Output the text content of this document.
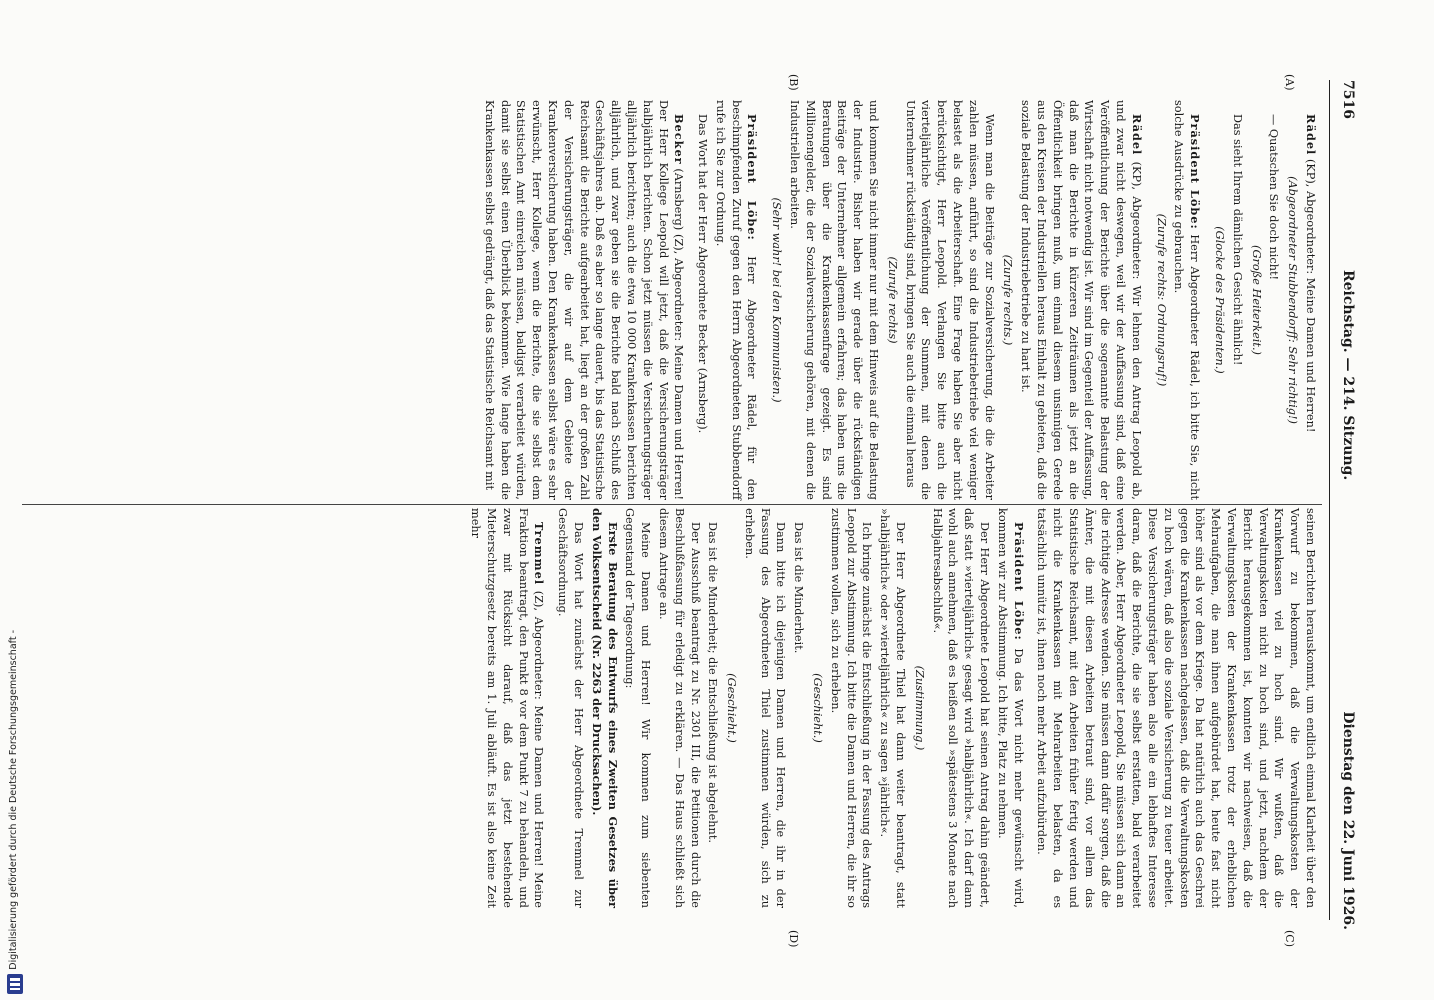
7516
Reichstag. — 214. Sitzung.
Dienstag den 22. Juni 1926.
(A)
(B)
(C)
(D)

Rädel (KP), Abgeordneter: Meine Damen und Herren!

(Abgeordneter Stubbendorff: Sehr richtig!)

— Quatschen Sie doch nicht!

(Große Heiterkeit.)

Das sieht Ihrem dämlichen Gesicht ähnlich!

(Glocke des Präsidenten.)

Präsident Löbe: Herr Abgeordneter Rädel, ich bitte Sie, nicht solche Ausdrücke zu gebrauchen.

(Zurufe rechts: Ordnungsruf!)

Rädel (KP), Abgeordneter: Wir lehnen den Antrag Leopold ab, und zwar nicht deswegen, weil wir der Auffassung sind, daß eine Veröffentlichung der Berichte über die sogenannte Belastung der Wirtschaft nicht notwendig ist. Wir sind im Gegenteil der Auffassung, daß man die Berichte in kürzeren Zeiträumen als jetzt an die Öffentlichkeit bringen muß, um einmal diesem unsinnigen Gerede aus den Kreisen der Industriellen heraus Einhalt zu gebieten, daß die soziale Belastung der Industriebetriebe zu hart ist.

(Zurufe rechts.)

Wenn man die Beiträge zur Sozialversicherung, die die Arbeiter zahlen müssen, anführt, so sind die Industriebetriebe viel weniger belastet als die Arbeiterschaft. Eine Frage haben Sie aber nicht berücksichtigt, Herr Leopold. Verlangen Sie bitte auch die vierteljährliche Veröffentlichung der Summen, mit denen die Unternehmer rückständig sind, bringen Sie auch die einmal heraus

(Zurufe rechts)

und kommen Sie nicht immer nur mit dem Hinweis auf die Belastung der Industrie. Bisher haben wir gerade über die rückständigen Beiträge der Unternehmer allgemein erfahren; das haben uns die Beratungen über die Krankenkassenfrage gezeigt. Es sind Millionengelder, die der Sozialversicherung gehören, mit denen die Industriellen arbeiten.

(Sehr wahr! bei den Kommunisten.)

Präsident Löbe: Herr Abgeordneter Rädel, für den beschimpfenden Zuruf gegen den Herrn Abgeordneten Stubbendorff rufe ich Sie zur Ordnung.

Das Wort hat der Herr Abgeordnete Becker (Arnsberg).

Becker (Arnsberg) (Z), Abgeordneter: Meine Damen und Herren! Der Herr Kollege Leopold will jetzt, daß die Versicherungsträger halbjährlich berichten. Schon jetzt müssen die Versicherungsträger alljährlich berichten; auch die etwa 10 000 Krankenkassen berichten alljährlich, und zwar geben sie die Berichte bald nach Schluß des Geschäftsjahres ab. Daß es aber so lange dauert, bis das Statistische Reichsamt die Berichte aufgearbeitet hat, liegt an der großen Zahl der Versicherungsträger, die wir auf dem Gebiete der Krankenversicherung haben. Den Krankenkassen selbst wäre es sehr erwünscht, Herr Kollege, wenn die Berichte, die sie selbst dem Statistischen Amt einreichen müssen, baldigst verarbeitet würden, damit sie selbst einen Überblick bekommen. Wie lange haben die Krankenkassen selbst gedrängt, daß das Statistische Reichsamt mit

seinen Berichten herauskommt, um endlich einmal Klarheit über den Vorwurf zu bekommen, daß die Verwaltungskosten der Krankenkassen viel zu hoch sind. Wir wußten, daß die Verwaltungskosten nicht zu hoch sind, und jetzt, nachdem der Bericht herausgekommen ist, konnten wir nachweisen, daß die Verwaltungskosten der Krankenkassen trotz der erheblichen Mehraufgaben, die man ihnen aufgebürdet hat, heute fast nicht höher sind als vor dem Kriege. Da hat natürlich auch das Geschrei gegen die Krankenkassen nachgelassen, daß die Verwaltungskosten zu hoch wären, daß also die soziale Versicherung zu teuer arbeitet. Diese Versicherungsträger haben also alle ein lebhaftes Interesse daran, daß die Berichte, die sie selbst erstatten, bald verarbeitet werden. Aber, Herr Abgeordneter Leopold, Sie müssen sich dann an die richtige Adresse wenden. Sie müssen dann dafür sorgen, daß die Ämter, die mit diesen Arbeiten betraut sind, vor allem das Statistische Reichsamt, mit den Arbeiten früher fertig werden und nicht die Krankenkassen mit Mehrarbeiten belasten, da es tatsächlich unnütz ist, ihnen noch mehr Arbeit aufzubürden.

Präsident Löbe: Da das Wort nicht mehr gewünscht wird, kommen wir zur Abstimmung. Ich bitte, Platz zu nehmen.

Der Herr Abgeordnete Leopold hat seinen Antrag dahin geändert, daß statt »vierteljährlich« gesagt wird »halbjährlich«. Ich darf dann wohl auch annehmen, daß es heißen soll »spätestens 3 Monate nach Halbjahresabschluß«.

(Zustimmung.)

Der Herr Abgeordnete Thiel hat dann weiter beantragt, statt »halbjährlich« oder »vierteljährlich« zu sagen »jährlich«.

Ich bringe zunächst die Entschließung in der Fassung des Antrags Leopold zur Abstimmung. Ich bitte die Damen und Herren, die ihr so zustimmen wollen, sich zu erheben.

(Geschieht.)

Das ist die Minderheit.

Dann bitte ich diejenigen Damen und Herren, die ihr in der Fassung des Abgeordneten Thiel zustimmen würden, sich zu erheben.

(Geschieht.)

Das ist die Minderheit; die Entschließung ist abgelehnt.

Der Ausschuß beantragt zu Nr. 2301 III, die Petitionen durch die Beschlußfassung für erledigt zu erklären. — Das Haus schließt sich diesem Antrage an.

Meine Damen und Herren! Wir kommen zum siebenten Gegenstand der Tagesordnung:

Erste Beratung des Entwurfs eines Zweiten Gesetzes über den Volksentscheid (Nr. 2263 der Drucksachen).

Das Wort hat zunächst der Herr Abgeordnete Tremmel zur Geschäftsordnung.

Tremmel (Z), Abgeordneter: Meine Damen und Herren! Meine Fraktion beantragt, den Punkt 8 vor dem Punkt 7 zu behandeln, und zwar mit Rücksicht darauf, daß das jetzt bestehende Mieterschutzgesetz bereits am 1. Juli abläuft. Es ist also keine Zeit mehr

Digitalisierung gefördert durch die Deutsche Forschungsgemeinschaft -
